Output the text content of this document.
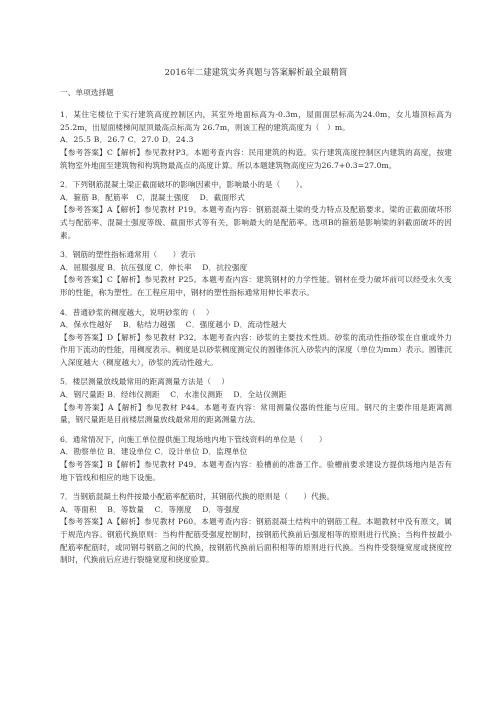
2016年二建建筑实务真题与答案解析最全最精简
一、单项选择题

1．某住宅楼位于实行建筑高度控制区内，其室外地面标高为-0.3m，屋面面层标高为24.0m，女儿墙顶标高为 25.2m，出屋面楼梯间屋顶最高点标高为 26.7m，则该工程的建筑高度为（　）m。

A．25.5 B．26.7 C．27.0 D．24.3

【参考答案】C【解析】参见教材P3。本题考查内容：民用建筑的构造。实行建筑高度控制区内建筑的高度，按建筑物室外地面至建筑物和构筑物最高点的高度计算。所以本题建筑物高度应为26.7+0.3=27.0m。

2．下列钢筋混凝土梁正截面破坏的影响因素中，影响最小的是（　　）。

A．箍筋 B．配筋率　C．混凝土强度　 D．截面形式

【参考答案】A【解析】参见教材 P19。本题考查内容：钢筋混凝土梁的受力特点及配筋要求。梁的正截面破坏形式与配筋率、混凝土强度等级、截面形式等有关，影响最大的是配筋率。选项B的箍筋是影响梁的斜截面破坏的因素。

3．钢筋的塑性指标通常用（　　）表示

A．屈服强度 B．抗压强度 C．伸长率　 D．抗拉强度

【参考答案】C【解析】参见教材 P25。本题考查内容：建筑钢材的力学性能。钢材在受力破坏前可以经受永久变形的性能，称为塑性。在工程应用中，钢材的塑性指标通常用伸长率表示。

4．普通砂浆的稠度越大，说明砂浆的（　 ）

A．保水性越好　 B．粘结力越强　 C．强度越小 D．流动性越大

【参考答案】D【解析】参见教材 P32。本题考查内容：砂浆的主要技术性质。砂浆的流动性指砂浆在自重或外力作用下流动的性能，用稠度表示。稠度是以砂浆稠度测定仪的圆锥体沉入砂浆内的深度（单位为mm）表示。圆锥沉入深度越大（稠度越大），砂浆的流动性越大。

5．楼层测量放线最常用的距离测量方法是（　 ）

A．钢尺量距 B．经纬仪测距　 C．水准仪测距　 D．全站仪测距

【参考答案】A【解析】参见教材 P44。本题考查内容：常用测量仪器的性能与应用。钢尺的主要作用是距离测量，钢尺量距是目前楼层测量放线最常用的距离测量方法。

6．通常情况下，向施工单位提供施工现场地内地下管线资料的单位是（　　）

A．勘察单位 B．建设单位 C．设计单位 D．监理单位

【参考答案】B【解析】参见教材 P49。本题考查内容：验槽前的准备工作。验槽前要求建设方提供场地内是否有地下管线和相应的地下设施。

7．当钢筋混凝土构件按最小配筋率配筋时，其钢筋代换的原则是（　　）代换。

A．等面积　 B．等数量　 C．等刚度　 D．等强度

【参考答案】A【解析】参见教材 P60。本题考查内容：钢筋混凝土结构中的钢筋工程。本题教材中没有原文，属于规范内容。钢筋代换原则：当构件配筋受强度控制时，按钢筋代换前后强度相等的原则进行代换；当构件按最小配筋率配筋时，或同钢号钢筋之间的代换，按钢筋代换前后面积相等的原则进行代换。当构件受裂缝宽度或挠度控制时，代换前后应进行裂缝宽度和挠度验算。
